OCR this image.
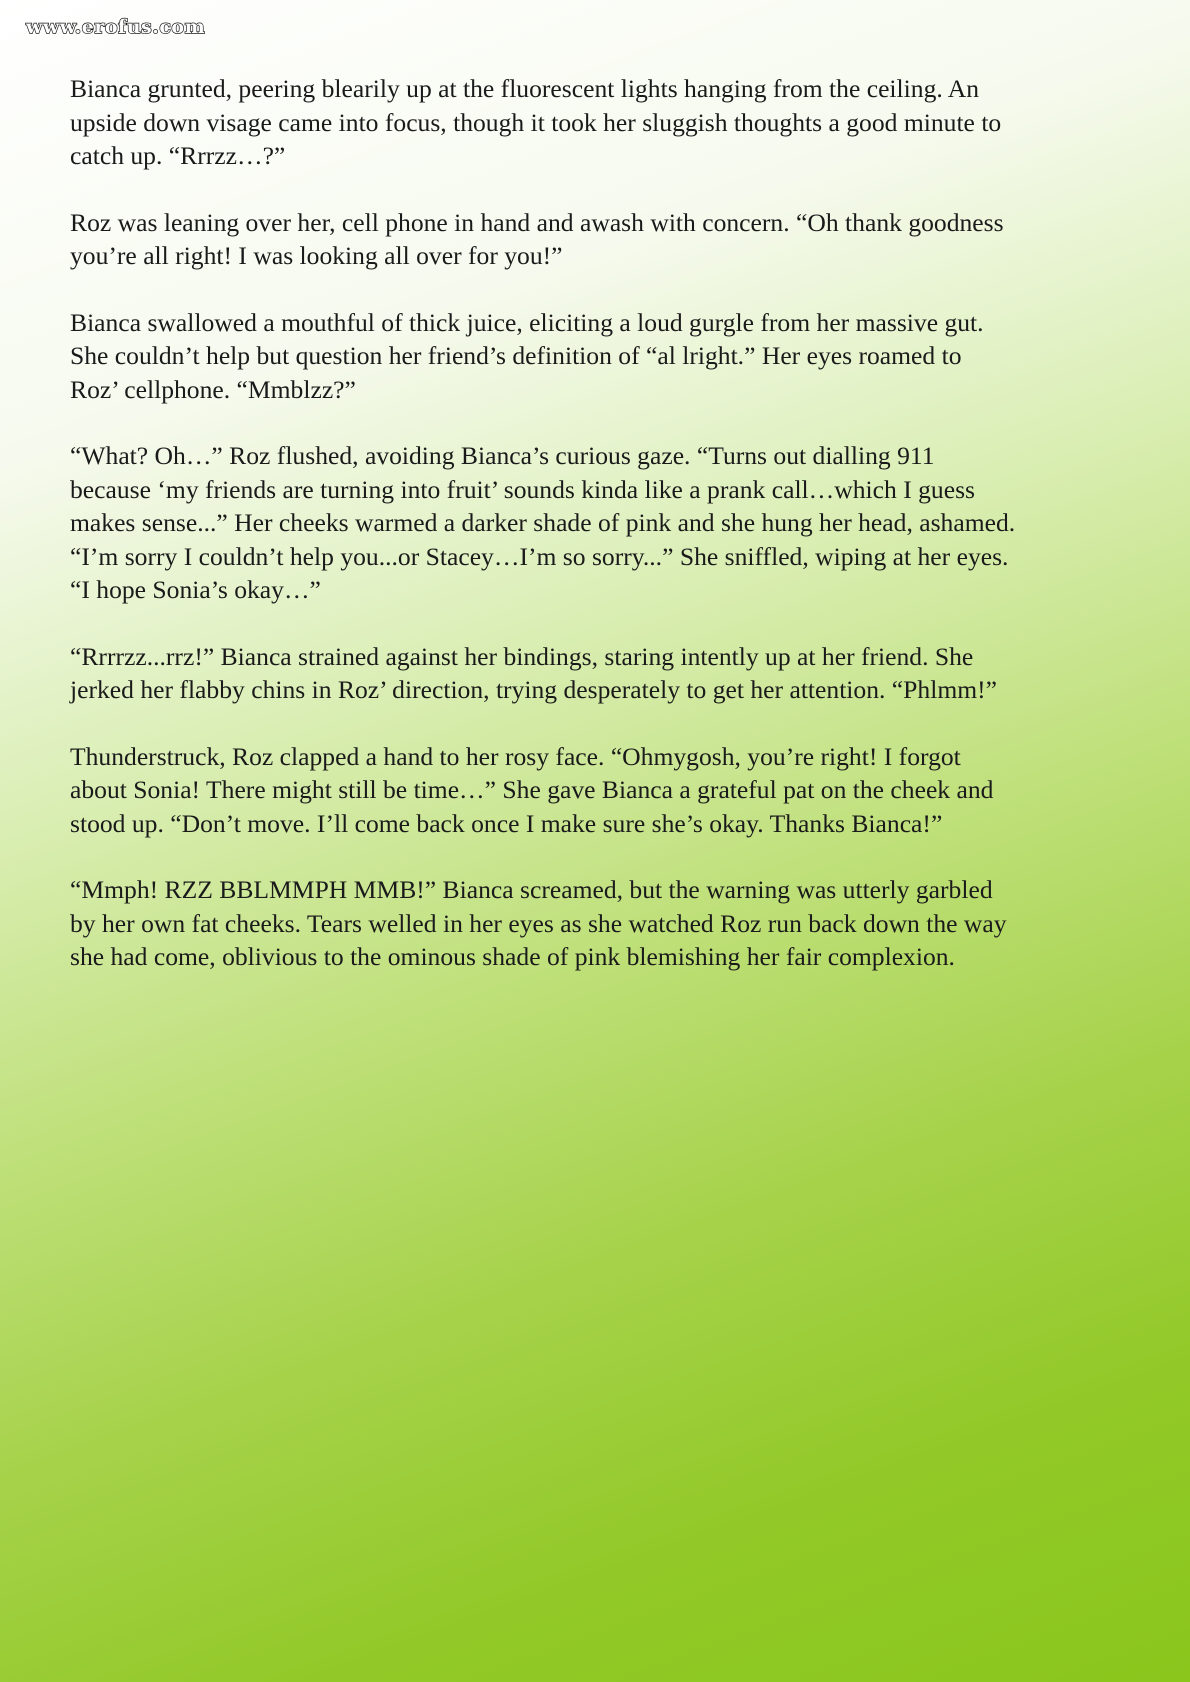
www.erofus.com

Bianca grunted, peering blearily up at the fluorescent lights hanging from the ceiling. An
upside down visage came into focus, though it took her sluggish thoughts a good minute to
catch up. “Rrrzz…?”

Roz was leaning over her, cell phone in hand and awash with concern. “Oh thank goodness
you’re all right! I was looking all over for you!”

Bianca swallowed a mouthful of thick juice, eliciting a loud gurgle from her massive gut.
She couldn’t help but question her friend’s definition of “al lright.” Her eyes roamed to
Roz’ cellphone. “Mmblzz?”

“What? Oh…” Roz flushed, avoiding Bianca’s curious gaze. “Turns out dialling 911
because ‘my friends are turning into fruit’ sounds kinda like a prank call…which I guess
makes sense...” Her cheeks warmed a darker shade of pink and she hung her head, ashamed.
“I’m sorry I couldn’t help you...or Stacey…I’m so sorry...” She sniffled, wiping at her eyes.
“I hope Sonia’s okay…”

“Rrrrzz...rrz!” Bianca strained against her bindings, staring intently up at her friend. She
jerked her flabby chins in Roz’ direction, trying desperately to get her attention. “Phlmm!”

Thunderstruck, Roz clapped a hand to her rosy face. “Ohmygosh, you’re right! I forgot
about Sonia! There might still be time…” She gave Bianca a grateful pat on the cheek and
stood up. “Don’t move. I’ll come back once I make sure she’s okay. Thanks Bianca!”

“Mmph! RZZ BBLMMPH MMB!” Bianca screamed, but the warning was utterly garbled
by her own fat cheeks. Tears welled in her eyes as she watched Roz run back down the way
she had come, oblivious to the ominous shade of pink blemishing her fair complexion.
